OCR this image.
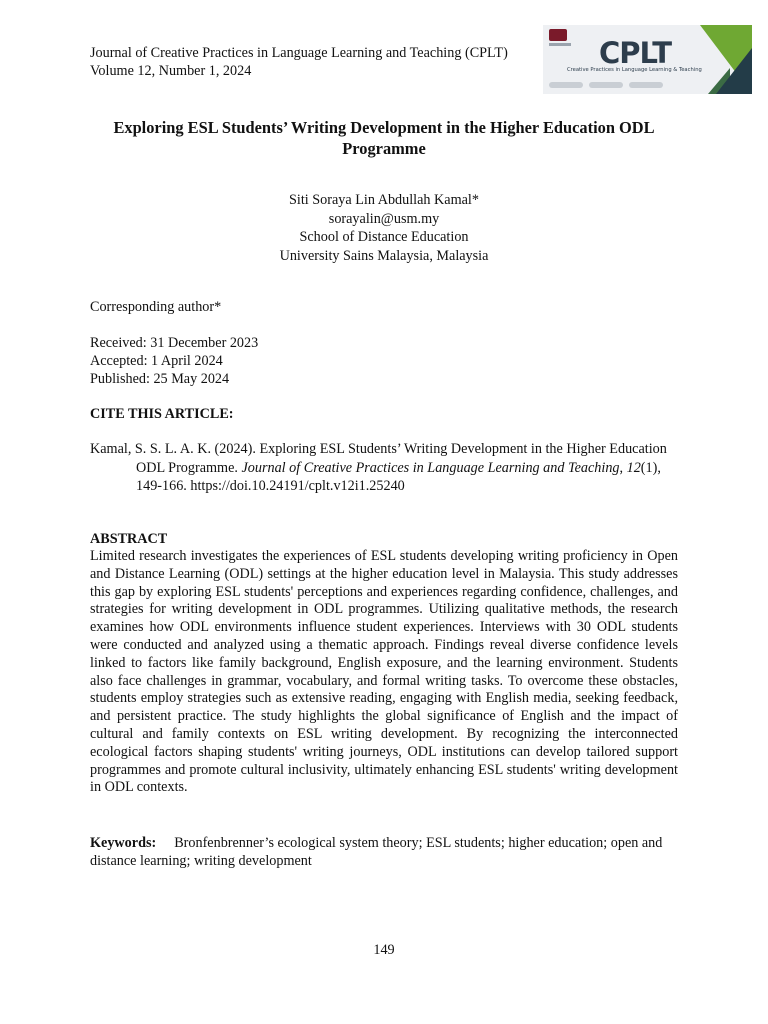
Journal of Creative Practices in Language Learning and Teaching (CPLT)
Volume 12, Number 1, 2024
CPLT
Creative Practices in Language Learning & Teaching
Exploring ESL Students’ Writing Development in the Higher Education ODL Programme
Siti Soraya Lin Abdullah Kamal*
sorayalin@usm.my
School of Distance Education
University Sains Malaysia, Malaysia
Corresponding author*
Received: 31 December 2023
Accepted: 1 April 2024
Published: 25 May 2024
CITE THIS ARTICLE:
Kamal, S. S. L. A. K. (2024). Exploring ESL Students’ Writing Development in the Higher Education ODL Programme. Journal of Creative Practices in Language Learning and Teaching, 12(1), 149-166. https://doi.10.24191/cplt.v12i1.25240
ABSTRACT

Limited research investigates the experiences of ESL students developing writing proficiency in Open and Distance Learning (ODL) settings at the higher education level in Malaysia. This study addresses this gap by exploring ESL students' perceptions and experiences regarding confidence, challenges, and strategies for writing development in ODL programmes. Utilizing qualitative methods, the research examines how ODL environments influence student experiences. Interviews with 30 ODL students were conducted and analyzed using a thematic approach. Findings reveal diverse confidence levels linked to factors like family background, English exposure, and the learning environment. Students also face challenges in grammar, vocabulary, and formal writing tasks. To overcome these obstacles, students employ strategies such as extensive reading, engaging with English media, seeking feedback, and persistent practice. The study highlights the global significance of English and the impact of cultural and family contexts on ESL writing development. By recognizing the interconnected ecological factors shaping students' writing journeys, ODL institutions can develop tailored support programmes and promote cultural inclusivity, ultimately enhancing ESL students' writing development in ODL contexts.

Keywords: Bronfenbrenner’s ecological system theory; ESL students; higher education; open and distance learning; writing development
149
